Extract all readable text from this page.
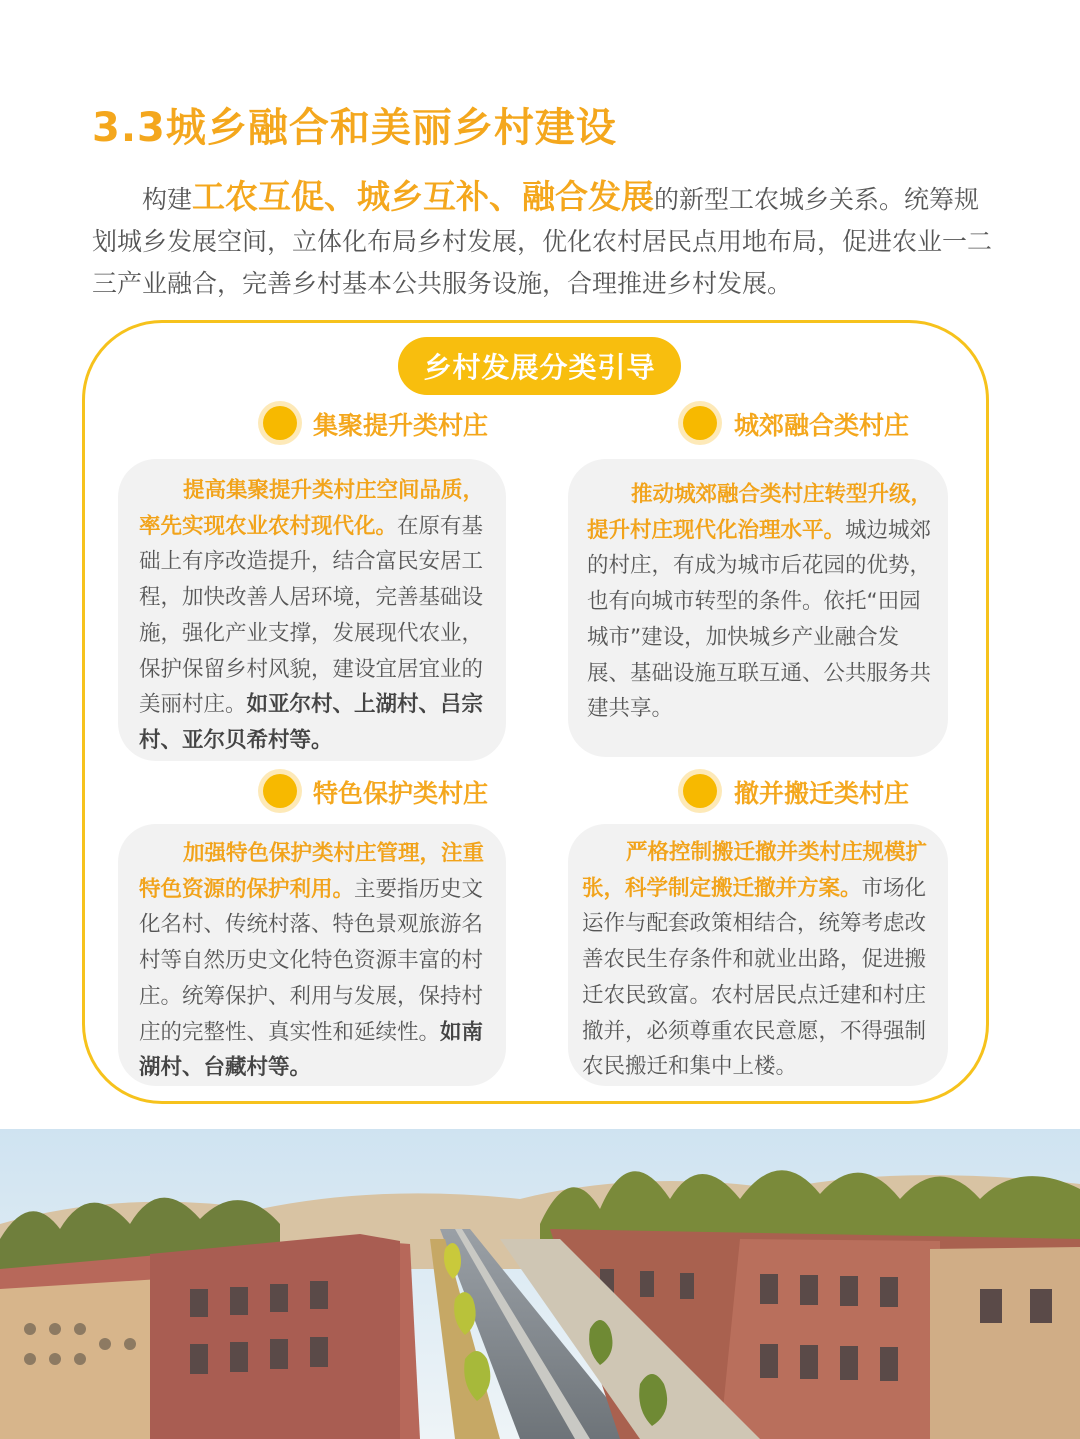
3.3城乡融合和美丽乡村建设

构建工农互促、城乡互补、融合发展的新型工农城乡关系。统筹规划城乡发展空间，立体化布局乡村发展，优化农村居民点用地布局，促进农业一二三产业融合，完善乡村基本公共服务设施，合理推进乡村发展。

乡村发展分类引导
集聚提升类村庄
提高集聚提升类村庄空间品质，率先实现农业农村现代化。在原有基础上有序改造提升，结合富民安居工程，加快改善人居环境，完善基础设施，强化产业支撑，发展现代农业，保护保留乡村风貌，建设宜居宜业的美丽村庄。如亚尔村、上湖村、吕宗村、亚尔贝希村等。
城郊融合类村庄
推动城郊融合类村庄转型升级，提升村庄现代化治理水平。城边城郊的村庄，有成为城市后花园的优势，也有向城市转型的条件。依托“田园城市”建设，加快城乡产业融合发展、基础设施互联互通、公共服务共建共享。
特色保护类村庄
加强特色保护类村庄管理，注重特色资源的保护利用。主要指历史文化名村、传统村落、特色景观旅游名村等自然历史文化特色资源丰富的村庄。统筹保护、利用与发展，保持村庄的完整性、真实性和延续性。如南湖村、台藏村等。
撤并搬迁类村庄
严格控制搬迁撤并类村庄规模扩张，科学制定搬迁撤并方案。市场化运作与配套政策相结合，统筹考虑改善农民生存条件和就业出路，促进搬迁农民致富。农村居民点迁建和村庄撤并，必须尊重农民意愿，不得强制农民搬迁和集中上楼。
